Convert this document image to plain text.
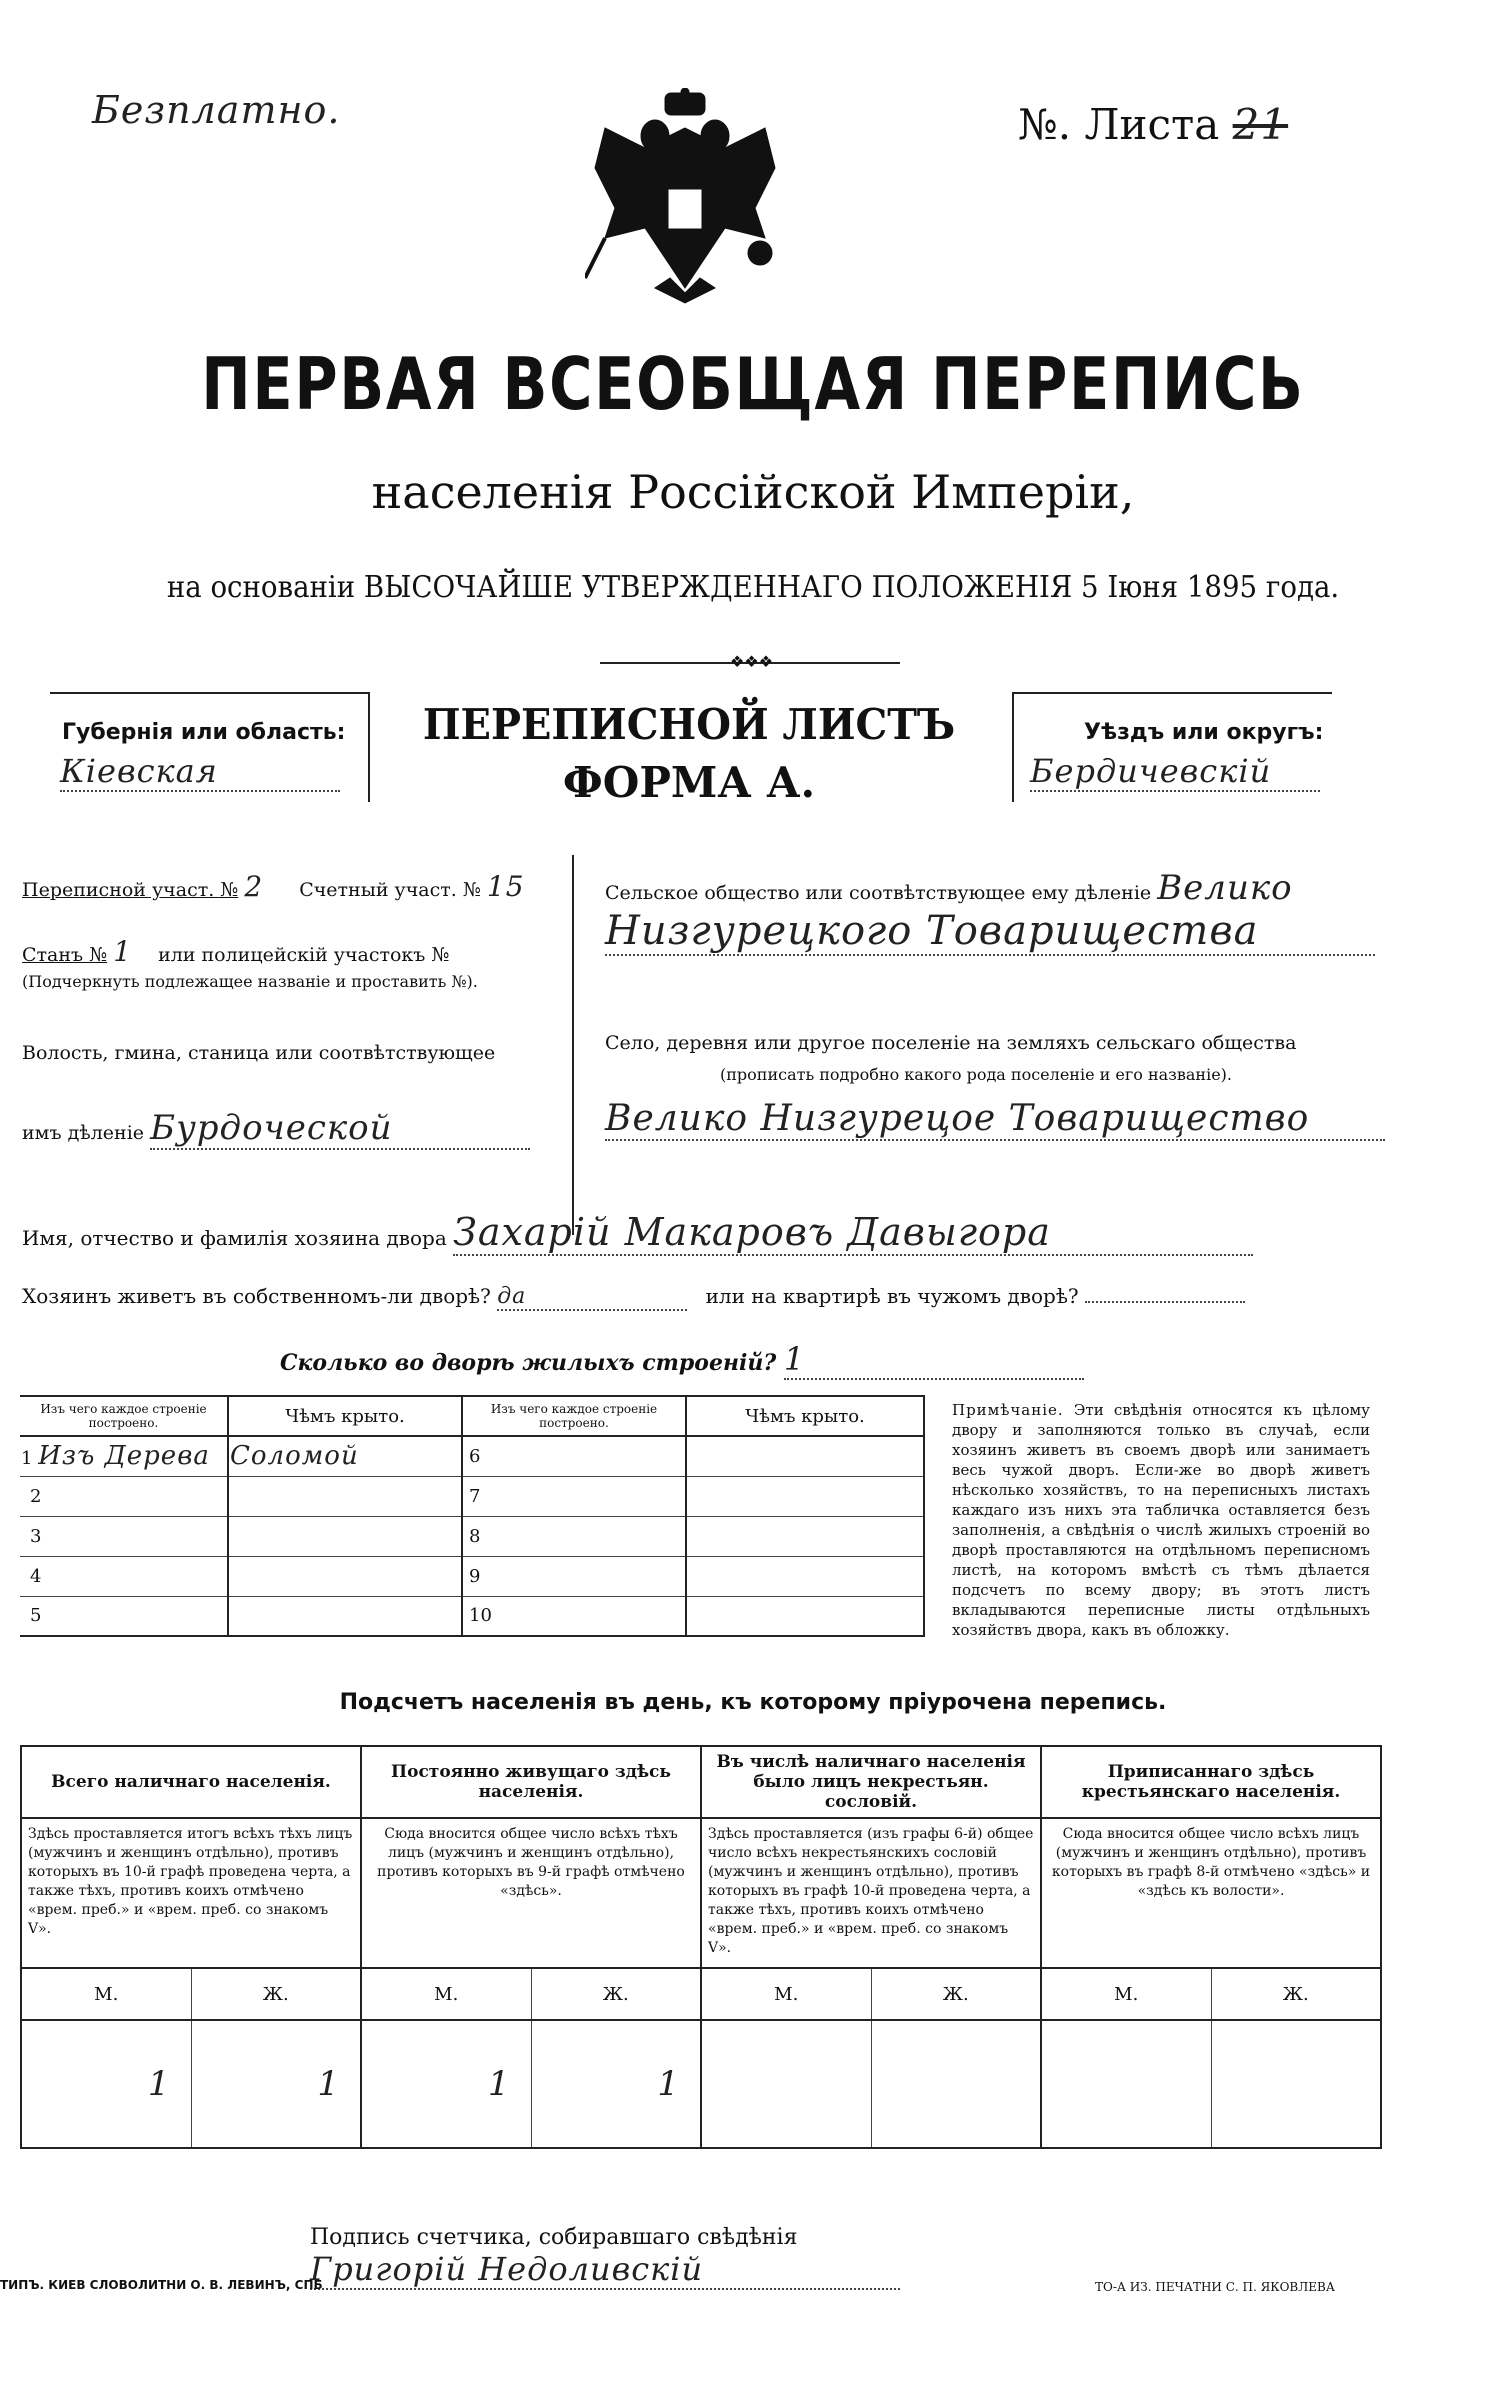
Безплатно.	№. Листа 21
ПЕРВАЯ ВСЕОБЩАЯ ПЕРЕПИСЬ
населенія Россійской Имперіи,
на основаніи ВЫСОЧАЙШЕ УТВЕРЖДЕННАГО ПОЛОЖЕНІЯ 5 Іюня 1895 года.
❖❖❖
Губернія или область:
Кіевская
ПЕРЕПИСНОЙ ЛИСТЪ
ФОРМА А.
Уѣздъ или округъ:
Бердичевскій
Переписной участ. № 2 Счетный участ. № 15
Станъ № 1 или полицейскій участокъ №
(Подчеркнуть подлежащее названіе и проставить №).
Волость, гмина, станица или соотвѣтствующее
имъ дѣленіе Бурдоческой
Сельское общество или соотвѣтствующее ему дѣленіе Велико
Низгурецкого Товарищества
Село, деревня или другое поселеніе на земляхъ сельскаго общества
(прописать подробно какого рода поселеніе и его названіе).
Велико Низгурецое Товарищество
Имя, отчество и фамилія хозяина двора Захарій Макаровъ Давыгора
Хозяинъ живетъ въ собственномъ-ли дворѣ? да	или на квартирѣ въ чужомъ дворѣ?
Сколько во дворѣ жилыхъ строеній? 1
Изъ чего каждое строеніе построено.	Чѣмъ крыто.	Изъ чего каждое строеніе построено.	Чѣмъ крыто.
1 Изъ Дерева	Соломой	6	
2		7	
3		8	
4		9	
5		10	
Примѣчаніе. Эти свѣдѣнія относятся къ цѣлому двору и заполняются только въ случаѣ, если хозяинъ живетъ въ своемъ дворѣ или занимаетъ весь чужой дворъ. Если-же во дворѣ живетъ нѣсколько хозяйствъ, то на переписныхъ листахъ каждаго изъ нихъ эта табличка оставляется безъ заполненія, а свѣдѣнія о числѣ жилыхъ строеній во дворѣ проставляются на отдѣльномъ переписномъ листѣ, на которомъ вмѣстѣ съ тѣмъ дѣлается подсчетъ по всему двору; въ этотъ листъ вкладываются переписные листы отдѣльныхъ хозяйствъ двора, какъ въ обложку.
Подсчетъ населенія въ день, къ которому пріурочена перепись.
Всего наличнаго населенія.		Постоянно живущаго здѣсь населенія.		Въ числѣ наличнаго населенія было лицъ некрестьян. сословій.		Приписаннаго здѣсь крестьянскаго населенія.	
Здѣсь проставляется итогъ всѣхъ тѣхъ лицъ (мужчинъ и женщинъ отдѣльно), противъ которыхъ въ 10-й графѣ проведена черта, а также тѣхъ, противъ коихъ отмѣчено «врем. преб.» и «врем. преб. со знакомъ V».		Сюда вносится общее число всѣхъ тѣхъ лицъ (мужчинъ и женщинъ отдѣльно), противъ которыхъ въ 9-й графѣ отмѣчено «здѣсь».		Здѣсь проставляется (изъ графы 6-й) общее число всѣхъ некрестьянскихъ сословій (мужчинъ и женщинъ отдѣльно), противъ которыхъ въ графѣ 10-й проведена черта, а также тѣхъ, противъ коихъ отмѣчено «врем. преб.» и «врем. преб. со знакомъ V».		Сюда вносится общее число всѣхъ лицъ (мужчинъ и женщинъ отдѣльно), противъ которыхъ въ графѣ 8-й отмѣчено «здѣсь» и «здѣсь къ волости».	
М.	Ж.	М.	Ж.	М.	Ж.	М.	Ж.
1	1	1	1				
Подпись счетчика, собиравшаго свѣдѣнія Григорій Недоливскій
ТИПЪ. КИЕВ СЛОВОЛИТНИ О. В. ЛЕВИНЪ, СПБ	ТО-А ИЗ. ПЕЧАТНИ С. П. ЯКОВЛЕВА
